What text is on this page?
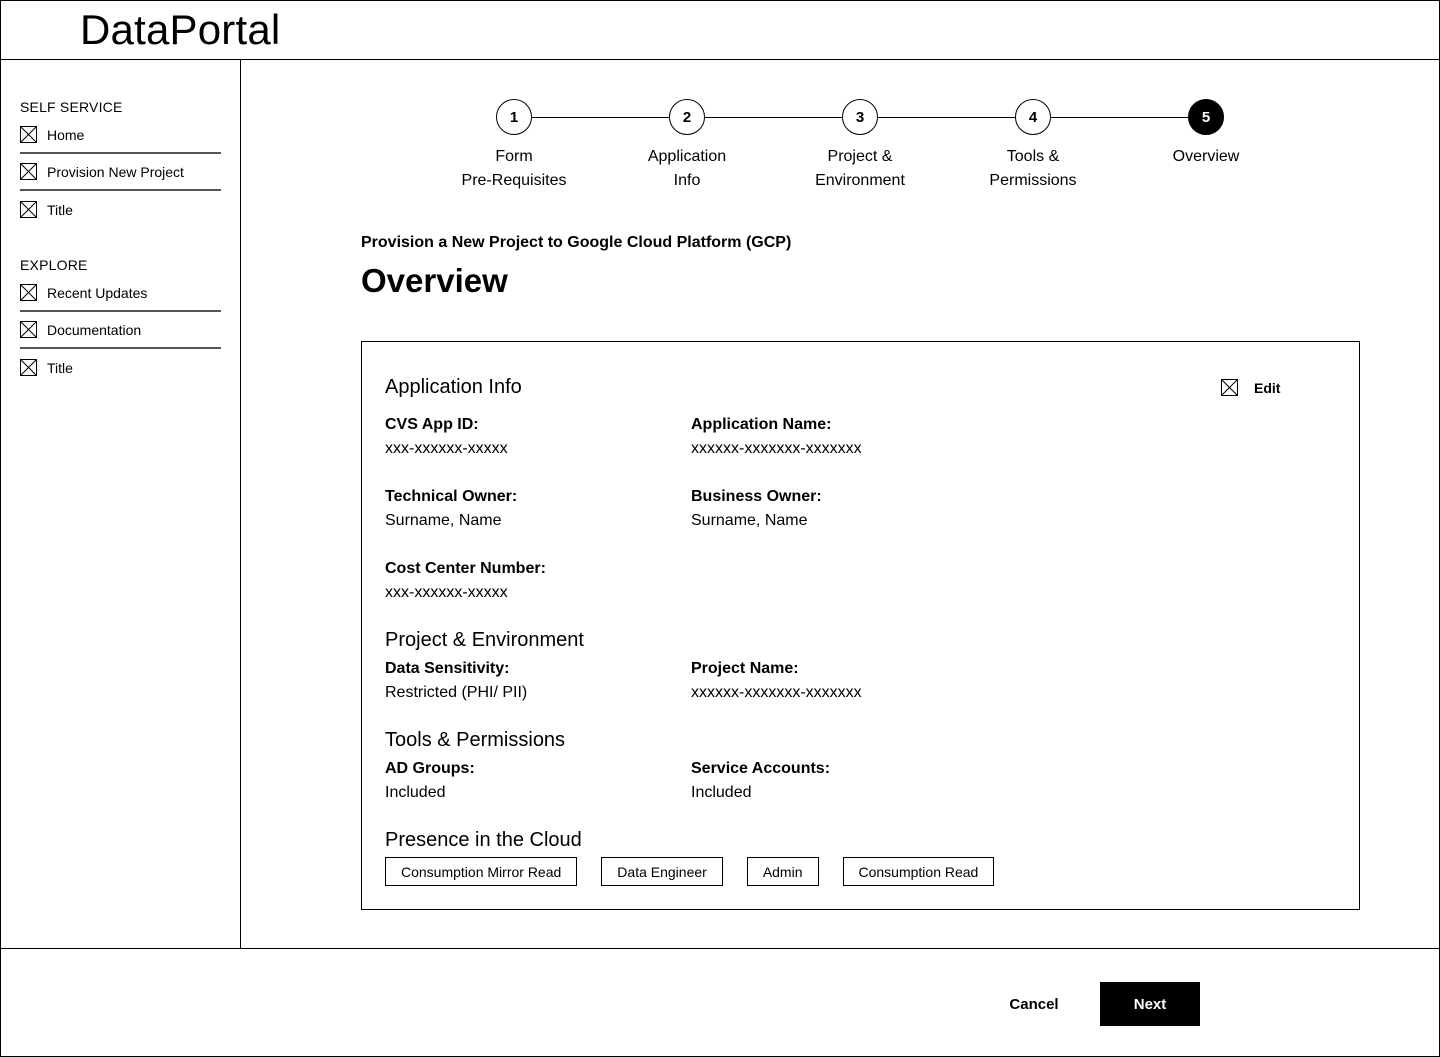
DataPortal
SELF SERVICE
Home
Provision New Project
Title
EXPLORE
Recent Updates
Documentation
Title
1
Form
Pre-Requisites
2
Application
Info
3
Project &
Environment
4
Tools &
Permissions
5
Overview
Provision a New Project to Google Cloud Platform (GCP)
Overview
Application Info	Edit
CVS App ID:
xxx-xxxxxx-xxxxx
Application Name:
xxxxxx-xxxxxxx-xxxxxxx
Technical Owner:
Surname, Name
Business Owner:
Surname, Name
Cost Center Number:
xxx-xxxxxx-xxxxx
Project & Environment
Data Sensitivity:
Restricted (PHI/ PII)
Project Name:
xxxxxx-xxxxxxx-xxxxxxx
Tools & Permissions
AD Groups:
Included
Service Accounts:
Included
Presence in the Cloud
Consumption Mirror Read	Data Engineer	Admin	Consumption Read
Cancel	Next
